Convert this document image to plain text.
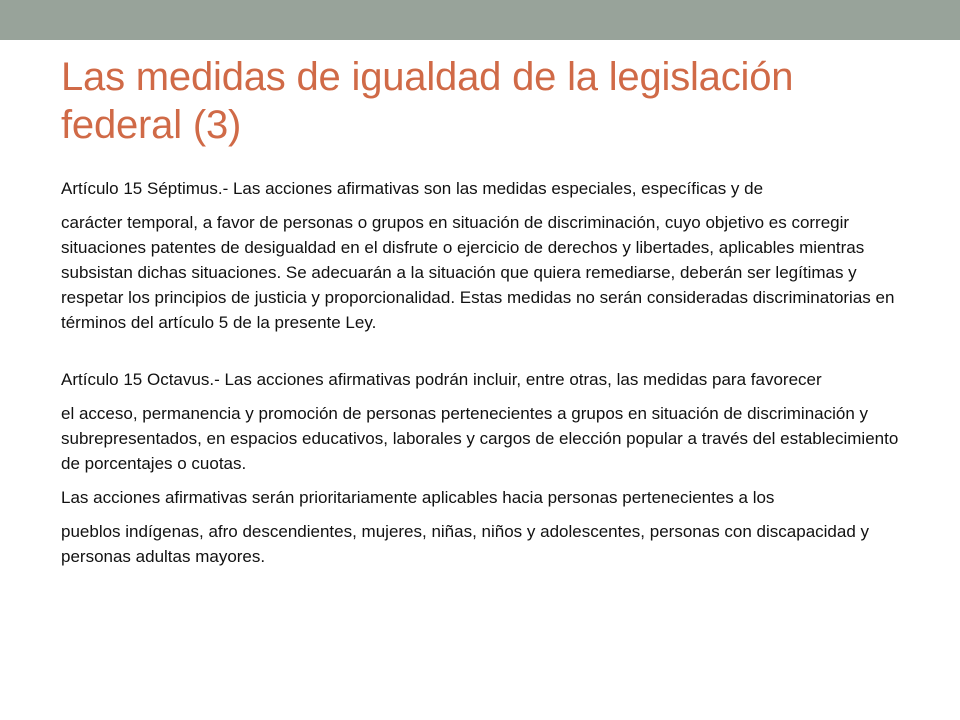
Las medidas de igualdad de la legislación federal (3)

Artículo 15 Séptimus.- Las acciones afirmativas son las medidas especiales, específicas y de

carácter temporal, a favor de personas o grupos en situación de discriminación, cuyo objetivo es corregir situaciones patentes de desigualdad en el disfrute o ejercicio de derechos y libertades, aplicables mientras subsistan dichas situaciones. Se adecuarán a la situación que quiera remediarse, deberán ser legítimas y respetar los principios de justicia y proporcionalidad. Estas medidas no serán consideradas discriminatorias en términos del artículo 5 de la presente Ley.

Artículo 15 Octavus.- Las acciones afirmativas podrán incluir, entre otras, las medidas para favorecer

el acceso, permanencia y promoción de personas pertenecientes a grupos en situación de discriminación y subrepresentados, en espacios educativos, laborales y cargos de elección popular a través del establecimiento de porcentajes o cuotas.

Las acciones afirmativas serán prioritariamente aplicables hacia personas pertenecientes a los

pueblos indígenas, afro descendientes, mujeres, niñas, niños y adolescentes, personas con discapacidad y personas adultas mayores.
